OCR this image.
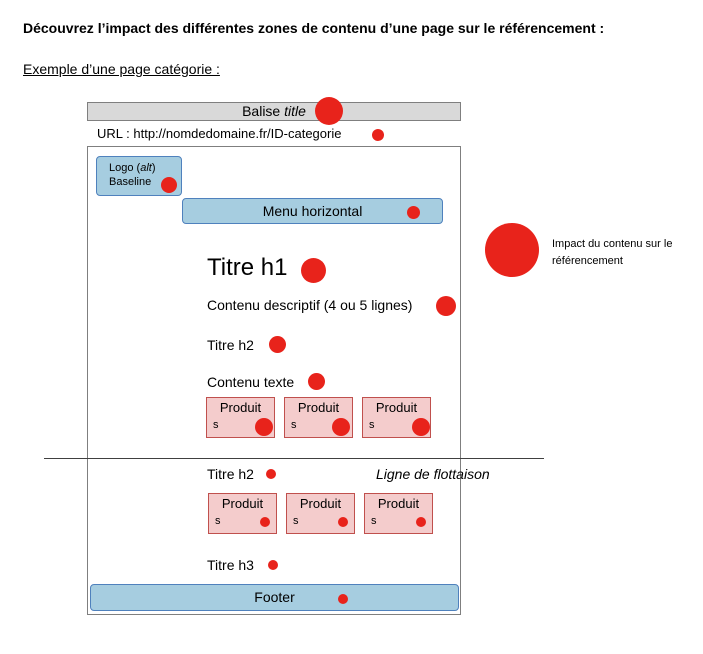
Découvrez l’impact des différentes zones de contenu d’une page sur le référencement :
Exemple d’une page catégorie :
Balise title
URL : http://nomdedomaine.fr/ID-categorie
Logo (alt)
Baseline
Menu horizontal
Titre h1
Contenu descriptif (4 ou 5 lignes)
Titre h2
Contenu texte
Produit
s
Produit
s
Produit
s
Ligne de flottaison
Titre h2
Produit
s
Produit
s
Produit
s
Titre h3
Footer
Impact du contenu sur le référencement
